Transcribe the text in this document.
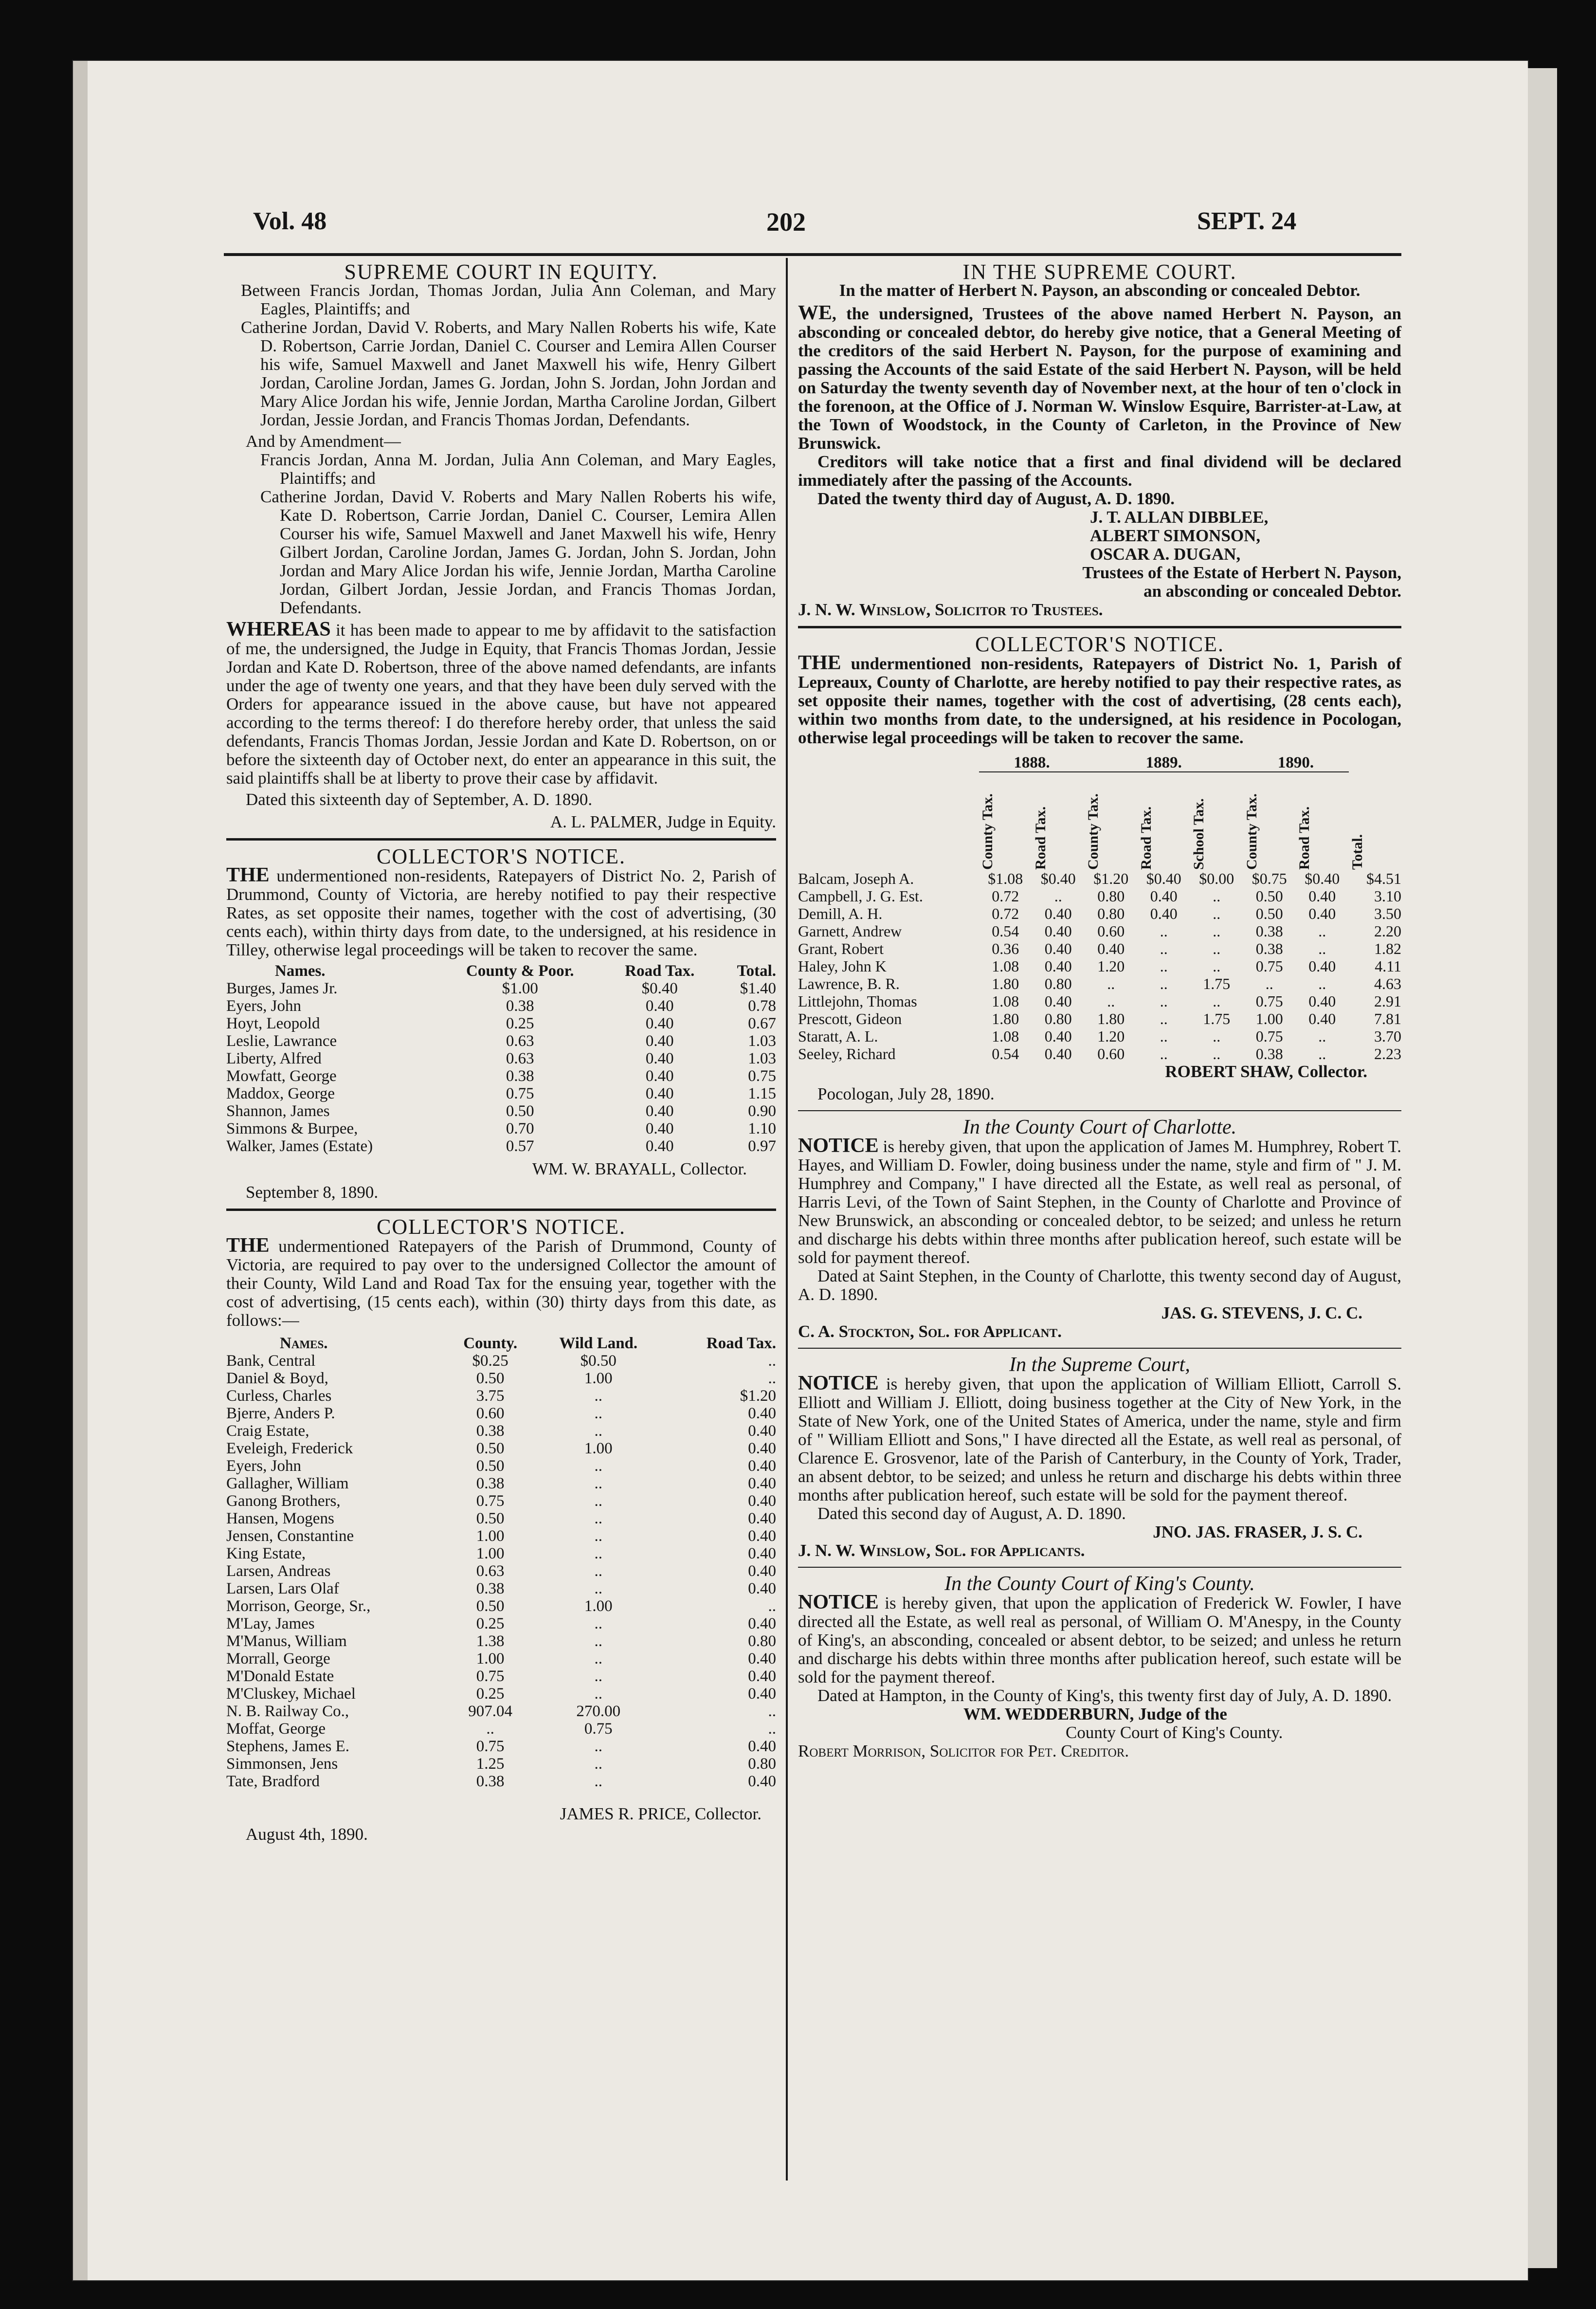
Vol. 48	202	SEPT. 24

SUPREME COURT IN EQUITY.

Between Francis Jordan, Thomas Jordan, Julia Ann Coleman, and Mary Eagles, Plaintiffs; and

Catherine Jordan, David V. Roberts, and Mary Nallen Roberts his wife, Kate D. Robertson, Carrie Jordan, Daniel C. Courser and Lemira Allen Courser his wife, Samuel Maxwell and Janet Maxwell his wife, Henry Gilbert Jordan, Caroline Jordan, James G. Jordan, John S. Jordan, John Jordan and Mary Alice Jordan his wife, Jennie Jordan, Martha Caroline Jordan, Gilbert Jordan, Jessie Jordan, and Francis Thomas Jordan, Defendants.

And by Amendment—

Francis Jordan, Anna M. Jordan, Julia Ann Coleman, and Mary Eagles, Plaintiffs; and

Catherine Jordan, David V. Roberts and Mary Nallen Roberts his wife, Kate D. Robertson, Carrie Jordan, Daniel C. Courser, Lemira Allen Courser his wife, Samuel Maxwell and Janet Maxwell his wife, Henry Gilbert Jordan, Caroline Jordan, James G. Jordan, John S. Jordan, John Jordan and Mary Alice Jordan his wife, Jennie Jordan, Martha Caroline Jordan, Gilbert Jordan, Jessie Jordan, and Francis Thomas Jordan, Defendants.

WHEREAS it has been made to appear to me by affidavit to the satisfaction of me, the undersigned, the Judge in Equity, that Francis Thomas Jordan, Jessie Jordan and Kate D. Robertson, three of the above named defendants, are infants under the age of twenty one years, and that they have been duly served with the Orders for appearance issued in the above cause, but have not appeared according to the terms thereof: I do therefore hereby order, that unless the said defendants, Francis Thomas Jordan, Jessie Jordan and Kate D. Robertson, on or before the sixteenth day of October next, do enter an appearance in this suit, the said plaintiffs shall be at liberty to prove their case by affidavit.

Dated this sixteenth day of September, A. D. 1890.

A. L. PALMER, Judge in Equity.

COLLECTOR'S NOTICE.

THE undermentioned non-residents, Ratepayers of District No. 2, Parish of Drummond, County of Victoria, are hereby notified to pay their respective Rates, as set opposite their names, together with the cost of advertising, (30 cents each), within thirty days from date, to the undersigned, at his residence in Tilley, otherwise legal proceedings will be taken to recover the same.

Names.	County & Poor.	Road Tax.	Total.
Burges, James Jr.	$1.00	$0.40	$1.40
Eyers, John	0.38	0.40	0.78
Hoyt, Leopold	0.25	0.40	0.67
Leslie, Lawrance	0.63	0.40	1.03
Liberty, Alfred	0.63	0.40	1.03
Mowfatt, George	0.38	0.40	0.75
Maddox, George	0.75	0.40	1.15
Shannon, James	0.50	0.40	0.90
Simmons & Burpee,	0.70	0.40	1.10
Walker, James (Estate)	0.57	0.40	0.97

WM. W. BRAYALL, Collector.

September 8, 1890.

COLLECTOR'S NOTICE.

THE undermentioned Ratepayers of the Parish of Drummond, County of Victoria, are required to pay over to the undersigned Collector the amount of their County, Wild Land and Road Tax for the ensuing year, together with the cost of advertising, (15 cents each), within (30) thirty days from this date, as follows:—

Names.	County.	Wild Land.	Road Tax.
Bank, Central	$0.25	$0.50	..
Daniel & Boyd,	0.50	1.00	..
Curless, Charles	3.75	..	$1.20
Bjerre, Anders P.	0.60	..	0.40
Craig Estate,	0.38	..	0.40
Eveleigh, Frederick	0.50	1.00	0.40
Eyers, John	0.50	..	0.40
Gallagher, William	0.38	..	0.40
Ganong Brothers,	0.75	..	0.40
Hansen, Mogens	0.50	..	0.40
Jensen, Constantine	1.00	..	0.40
King Estate,	1.00	..	0.40
Larsen, Andreas	0.63	..	0.40
Larsen, Lars Olaf	0.38	..	0.40
Morrison, George, Sr.,	0.50	1.00	..
M'Lay, James	0.25	..	0.40
M'Manus, William	1.38	..	0.80
Morrall, George	1.00	..	0.40
M'Donald Estate	0.75	..	0.40
M'Cluskey, Michael	0.25	..	0.40
N. B. Railway Co.,	907.04	270.00	..
Moffat, George	..	0.75	..
Stephens, James E.	0.75	..	0.40
Simmonsen, Jens	1.25	..	0.80
Tate, Bradford	0.38	..	0.40

JAMES R. PRICE, Collector.

August 4th, 1890.

IN THE SUPREME COURT.

In the matter of Herbert N. Payson, an absconding or concealed Debtor.

WE, the undersigned, Trustees of the above named Herbert N. Payson, an absconding or concealed debtor, do hereby give notice, that a General Meeting of the creditors of the said Herbert N. Payson, for the purpose of examining and passing the Accounts of the said Estate of the said Herbert N. Payson, will be held on Saturday the twenty seventh day of November next, at the hour of ten o'clock in the forenoon, at the Office of J. Norman W. Winslow Esquire, Barrister-at-Law, at the Town of Woodstock, in the County of Carleton, in the Province of New Brunswick.

Creditors will take notice that a first and final dividend will be declared immediately after the passing of the Accounts.

Dated the twenty third day of August, A. D. 1890.

J. T. ALLAN DIBBLEE,

ALBERT SIMONSON,

OSCAR A. DUGAN,

Trustees of the Estate of Herbert N. Payson,

an absconding or concealed Debtor.

J. N. W. Winslow, Solicitor to Trustees.

COLLECTOR'S NOTICE.

THE undermentioned non-residents, Ratepayers of District No. 1, Parish of Lepreaux, County of Charlotte, are hereby notified to pay their respective rates, as set opposite their names, together with the cost of advertising, (28 cents each), within two months from date, to the undersigned, at his residence in Pocologan, otherwise legal proceedings will be taken to recover the same.

	1888.		1889.			1890.		

	County Tax.	Road Tax.	County Tax.	Road Tax.	School Tax.	County Tax.	Road Tax.	Total.

Balcam, Joseph A.	$1.08	$0.40	$1.20	$0.40	$0.00	$0.75	$0.40	$4.51
Campbell, J. G. Est.	0.72	..	0.80	0.40	..	0.50	0.40	3.10
Demill, A. H.	0.72	0.40	0.80	0.40	..	0.50	0.40	3.50
Garnett, Andrew	0.54	0.40	0.60	..	..	0.38	..	2.20
Grant, Robert	0.36	0.40	0.40	..	..	0.38	..	1.82
Haley, John K	1.08	0.40	1.20	..	..	0.75	0.40	4.11
Lawrence, B. R.	1.80	0.80	..	..	1.75	..	..	4.63
Littlejohn, Thomas	1.08	0.40	..	..	..	0.75	0.40	2.91
Prescott, Gideon	1.80	0.80	1.80	..	1.75	1.00	0.40	7.81
Staratt, A. L.	1.08	0.40	1.20	..	..	0.75	..	3.70
Seeley, Richard	0.54	0.40	0.60	..	..	0.38	..	2.23

ROBERT SHAW, Collector.

Pocologan, July 28, 1890.

In the County Court of Charlotte.

NOTICE is hereby given, that upon the application of James M. Humphrey, Robert T. Hayes, and William D. Fowler, doing business under the name, style and firm of " J. M. Humphrey and Company," I have directed all the Estate, as well real as personal, of Harris Levi, of the Town of Saint Stephen, in the County of Charlotte and Province of New Brunswick, an absconding or concealed debtor, to be seized; and unless he return and discharge his debts within three months after publication hereof, such estate will be sold for payment thereof.

Dated at Saint Stephen, in the County of Charlotte, this twenty second day of August, A. D. 1890.

JAS. G. STEVENS, J. C. C.

C. A. Stockton, Sol. for Applicant.

In the Supreme Court,

NOTICE is hereby given, that upon the application of William Elliott, Carroll S. Elliott and William J. Elliott, doing business together at the City of New York, in the State of New York, one of the United States of America, under the name, style and firm of " William Elliott and Sons," I have directed all the Estate, as well real as personal, of Clarence E. Grosvenor, late of the Parish of Canterbury, in the County of York, Trader, an absent debtor, to be seized; and unless he return and discharge his debts within three months after publication hereof, such estate will be sold for the payment thereof.

Dated this second day of August, A. D. 1890.

JNO. JAS. FRASER, J. S. C.

J. N. W. Winslow, Sol. for Applicants.

In the County Court of King's County.

NOTICE is hereby given, that upon the application of Frederick W. Fowler, I have directed all the Estate, as well real as personal, of William O. M'Anespy, in the County of King's, an absconding, concealed or absent debtor, to be seized; and unless he return and discharge his debts within three months after publication hereof, such estate will be sold for the payment thereof.

Dated at Hampton, in the County of King's, this twenty first day of July, A. D. 1890.

WM. WEDDERBURN, Judge of the

County Court of King's County.

Robert Morrison, Solicitor for Pet. Creditor.
